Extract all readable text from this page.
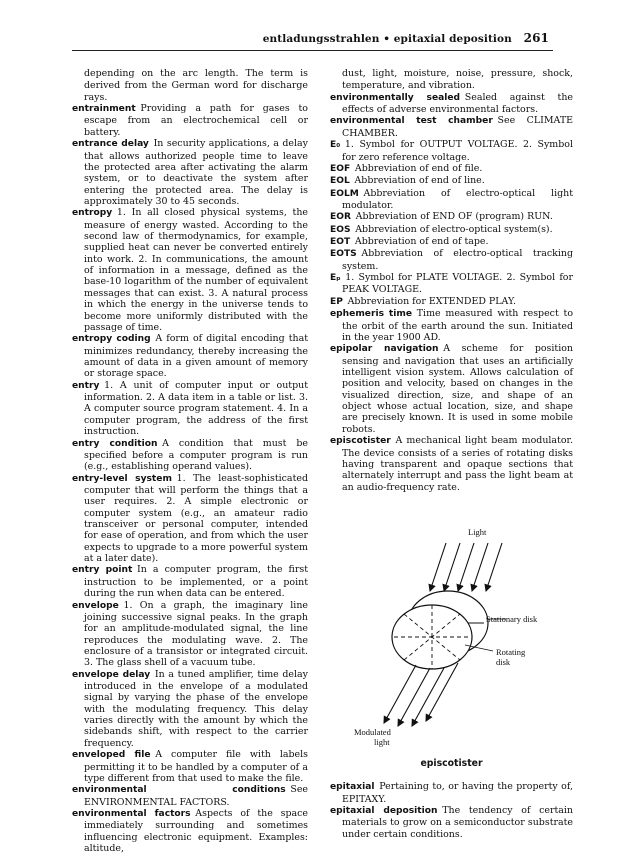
entladungsstrahlen • epitaxial deposition 261

depending on the arc length. The term is derived from the German word for discharge rays.

entrainment  Providing a path for gases to escape from an electrochemical cell or battery.

entrance delay  In security applications, a delay that allows authorized people time to leave the protected area after activating the alarm system, or to deactivate the system after entering the protected area. The delay is approximately 30 to 45 seconds.

entropy  1. In all closed physical systems, the measure of energy wasted. According to the second law of thermodynamics, for example, supplied heat can never be converted entirely into work. 2. In communications, the amount of information in a message, defined as the base-10 logarithm of the number of equivalent messages that can exist. 3. A natural process in which the energy in the universe tends to become more uniformly distributed with the passage of time.

entropy coding  A form of digital encoding that minimizes redundancy, thereby increasing the amount of data in a given amount of memory or storage space.

entry  1. A unit of computer input or output information. 2. A data item in a table or list. 3. A computer source program statement. 4. In a computer program, the address of the first instruction.

entry condition  A condition that must be specified before a computer program is run (e.g., establishing operand values).

entry-level system  1. The least-sophisticated computer that will perform the things that a user requires. 2. A simple electronic or computer system (e.g., an amateur radio transceiver or personal computer, intended for ease of operation, and from which the user expects to upgrade to a more powerful system at a later date).

entry point  In a computer program, the first instruction to be implemented, or a point during the run when data can be entered.

envelope  1. On a graph, the imaginary line joining successive signal peaks. In the graph for an amplitude-modulated signal, the line reproduces the modulating wave. 2. The enclosure of a transistor or integrated circuit. 3. The glass shell of a vacuum tube.

envelope delay  In a tuned amplifier, time delay introduced in the envelope of a modulated signal by varying the phase of the envelope with the modulating frequency. This delay varies directly with the amount by which the sidebands shift, with respect to the carrier frequency.

enveloped file  A computer file with labels permitting it to be handled by a computer of a type different from that used to make the file.

environmental conditions  See ENVIRONMENTAL FACTORS.

environmental factors  Aspects of the space immediately surrounding and sometimes influencing electronic equipment. Examples: altitude,

dust, light, moisture, noise, pressure, shock, temperature, and vibration.

environmentally sealed  Sealed against the effects of adverse environmental factors.

environmental test chamber  See CLIMATE CHAMBER.

E₀  1. Symbol for OUTPUT VOLTAGE. 2. Symbol for zero reference voltage.

EOF  Abbreviation of end of file.

EOL  Abbreviation of end of line.

EOLM  Abbreviation of electro-optical light modulator.

EOR  Abbreviation of END OF (program) RUN.

EOS  Abbreviation of electro-optical system(s).

EOT  Abbreviation of end of tape.

EOTS  Abbreviation of electro-optical tracking system.

Eₚ  1. Symbol for PLATE VOLTAGE. 2. Symbol for PEAK VOLTAGE.

EP  Abbreviation for EXTENDED PLAY.

ephemeris time  Time measured with respect to the orbit of the earth around the sun. Initiated in the year 1900 AD.

epipolar navigation  A scheme for position sensing and navigation that uses an artificially intelligent vision system. Allows calculation of position and velocity, based on changes in the visualized direction, size, and shape of an object whose actual location, size, and shape are precisely known. It is used in some mobile robots.

episcotister  A mechanical light beam modulator. The device consists of a series of rotating disks having transparent and opaque sections that alternately interrupt and pass the light beam at an audio-frequency rate.

Light
Stationary disk
Rotating
disk
Modulated
light
episcotister

epitaxial  Pertaining to, or having the property of, EPITAXY.

epitaxial deposition  The tendency of certain materials to grow on a semiconductor substrate under certain conditions.
